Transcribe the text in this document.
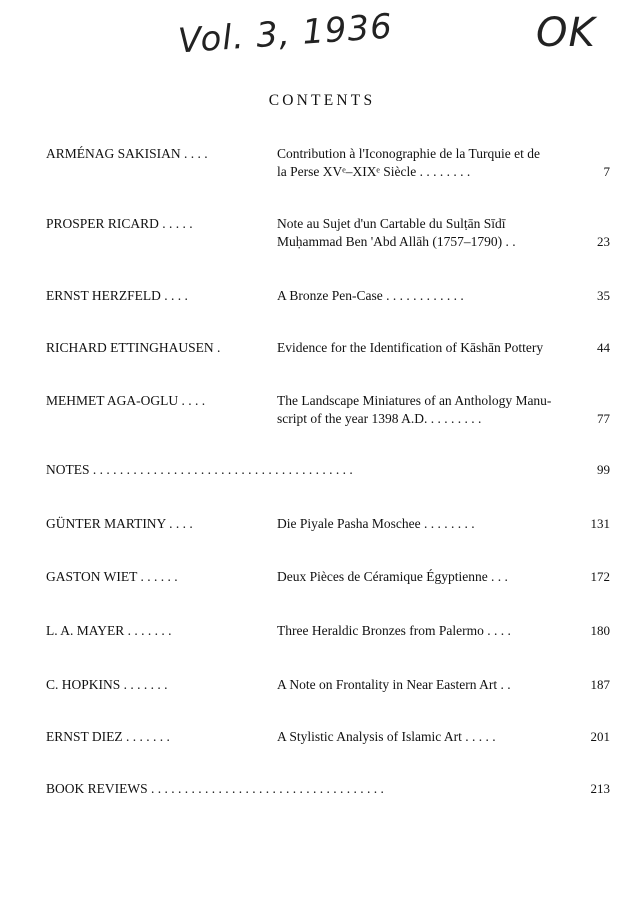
Vol. 3, 1936	OK
CONTENTS
ARMÉNAG SAKISIAN . . . .	Contribution à l'Iconographie de la Turquie et de
la Perse XVᵉ–XIXᵉ Siècle . . . . . . . .	7
PROSPER RICARD . . . . .	Note au Sujet d'un Cartable du Sulṭān Sīdī
Muḥammad Ben 'Abd Allāh (1757–1790) . .	23
ERNST HERZFELD . . . .	A Bronze Pen-Case . . . . . . . . . . . .	35
RICHARD ETTINGHAUSEN .	Evidence for the Identification of Kāshān Pottery	44
MEHMET AGA-OGLU . . . .	The Landscape Miniatures of an Anthology Manu-
script of the year 1398 A.D. . . . . . . . .	77
NOTES . . . . . . . . . . . . . . . . . . . . . . . . . . . . . . . . . . . . . . .	99
GÜNTER MARTINY . . . .	Die Piyale Pasha Moschee . . . . . . . .	131
GASTON WIET . . . . . .	Deux Pièces de Céramique Égyptienne . . .	172
L. A. MAYER . . . . . . .	Three Heraldic Bronzes from Palermo . . . .	180
C. HOPKINS . . . . . . .	A Note on Frontality in Near Eastern Art . .	187
ERNST DIEZ . . . . . . .	A Stylistic Analysis of Islamic Art . . . . .	201
BOOK REVIEWS . . . . . . . . . . . . . . . . . . . . . . . . . . . . . . . . . . .	213
